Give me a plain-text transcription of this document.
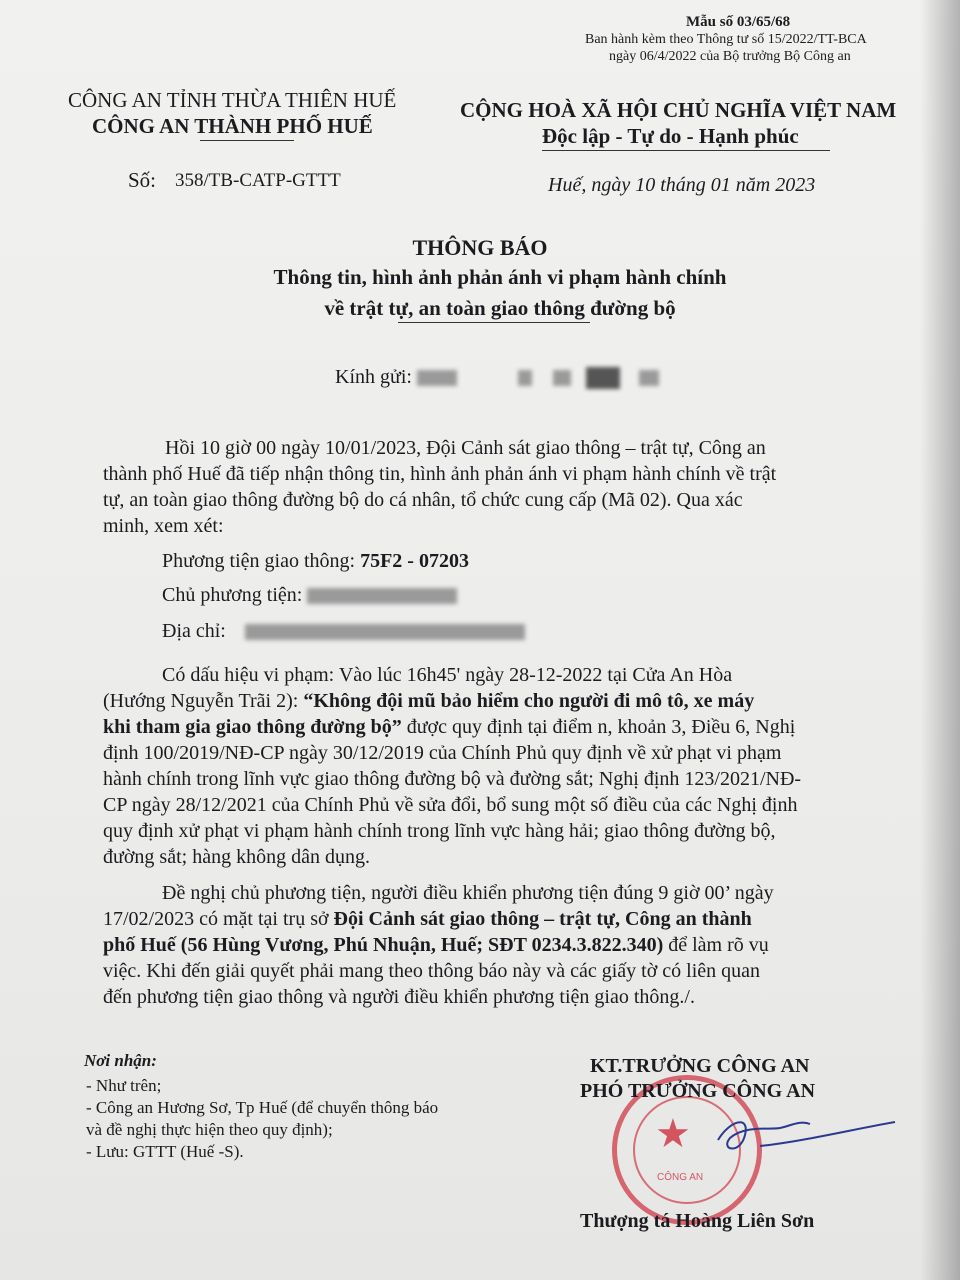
Mẫu số 03/65/68
Ban hành kèm theo Thông tư số 15/2022/TT-BCA
ngày 06/4/2022 của Bộ trưởng Bộ Công an
CÔNG AN TỈNH THỪA THIÊN HUẾ
CÔNG AN THÀNH PHỐ HUẾ
Số: 358/TB-CATP-GTTT
CỘNG HOÀ XÃ HỘI CHỦ NGHĨA VIỆT NAM
Độc lập - Tự do - Hạnh phúc
Huế, ngày 10 tháng 01 năm 2023
THÔNG BÁO
Thông tin, hình ảnh phản ánh vi phạm hành chính
về trật tự, an toàn giao thông đường bộ
Kính gửi:
Hồi 10 giờ 00 ngày 10/01/2023, Đội Cảnh sát giao thông – trật tự, Công an
thành phố Huế đã tiếp nhận thông tin, hình ảnh phản ánh vi phạm hành chính về trật
tự, an toàn giao thông đường bộ do cá nhân, tổ chức cung cấp (Mã 02). Qua xác
minh, xem xét:
Phương tiện giao thông: 75F2 - 07203
Chủ phương tiện:
Địa chỉ:
Có dấu hiệu vi phạm: Vào lúc 16h45' ngày 28-12-2022 tại Cửa An Hòa
(Hướng Nguyễn Trãi 2): “Không đội mũ bảo hiểm cho người đi mô tô, xe máy
khi tham gia giao thông đường bộ” được quy định tại điểm n, khoản 3, Điều 6, Nghị
định 100/2019/NĐ-CP ngày 30/12/2019 của Chính Phủ quy định về xử phạt vi phạm
hành chính trong lĩnh vực giao thông đường bộ và đường sắt; Nghị định 123/2021/NĐ-
CP ngày 28/12/2021 của Chính Phủ về sửa đổi, bổ sung một số điều của các Nghị định
quy định xử phạt vi phạm hành chính trong lĩnh vực hàng hải; giao thông đường bộ,
đường sắt; hàng không dân dụng.
Đề nghị chủ phương tiện, người điều khiển phương tiện đúng 9 giờ 00’ ngày
17/02/2023 có mặt tại trụ sở Đội Cảnh sát giao thông – trật tự, Công an thành
phố Huế (56 Hùng Vương, Phú Nhuận, Huế; SĐT 0234.3.822.340) để làm rõ vụ
việc. Khi đến giải quyết phải mang theo thông báo này và các giấy tờ có liên quan
đến phương tiện giao thông và người điều khiển phương tiện giao thông./.
Nơi nhận:
- Như trên;
- Công an Hương Sơ, Tp Huế (để chuyển thông báo
và đề nghị thực hiện theo quy định);
- Lưu: GTTT (Huế -S).	★
CÔNG AN
KT.TRƯỞNG CÔNG AN
PHÓ TRƯỞNG CÔNG AN
Thượng tá Hoàng Liên Sơn
